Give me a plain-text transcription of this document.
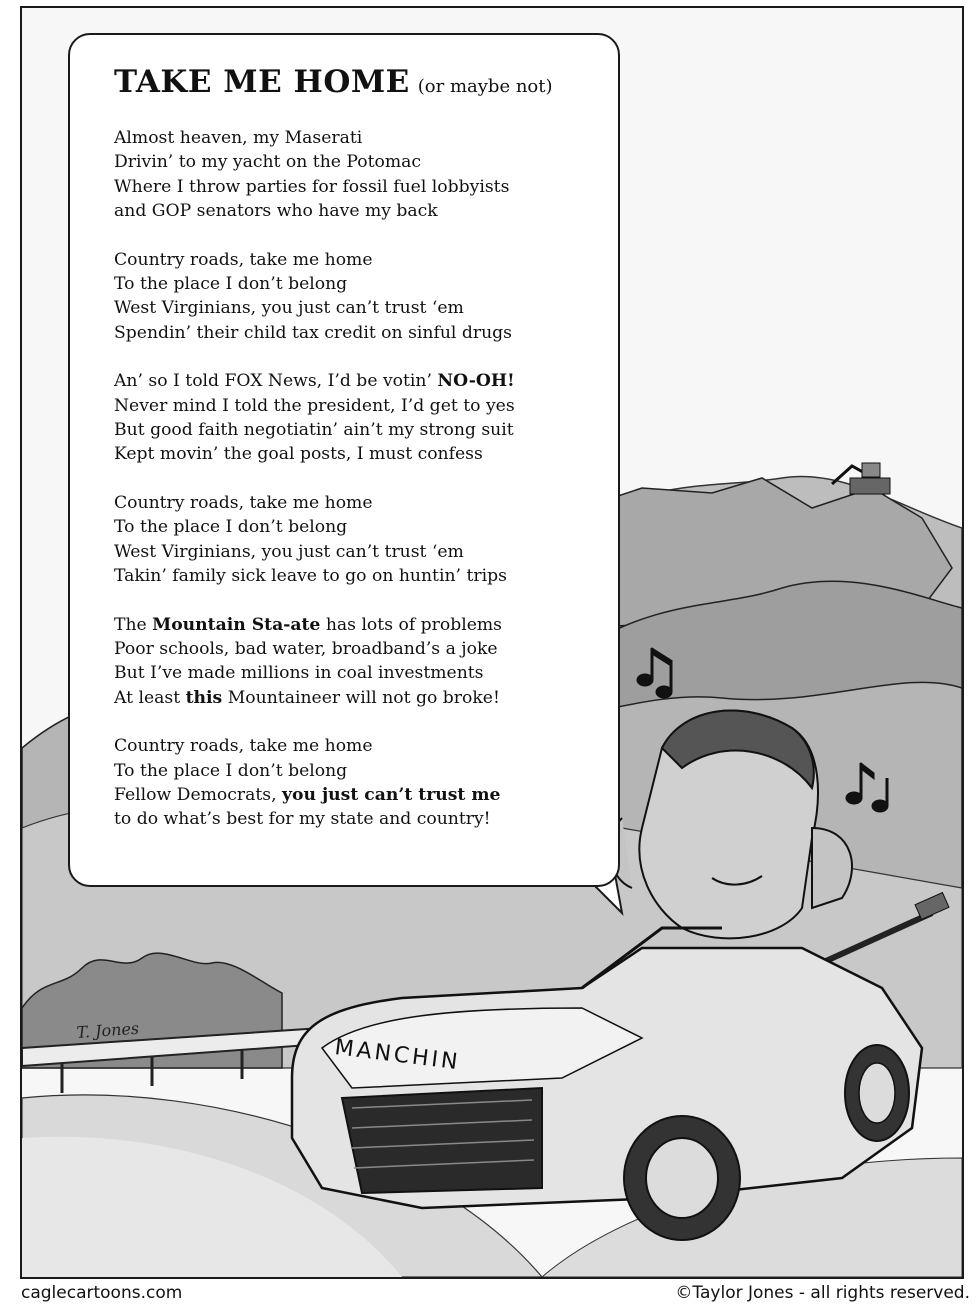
MANCHIN
T. Jones
TAKE ME HOME (or maybe not)
Almost heaven, my Maserati
Drivin’ to my yacht on the Potomac
Where I throw parties for fossil fuel lobbyists
and GOP senators who have my back
Country roads, take me home
To the place I don’t belong
West Virginians, you just can’t trust ‘em
Spendin’ their child tax credit on sinful drugs
An’ so I told FOX News, I’d be votin’ NO-OH!
Never mind I told the president, I’d get to yes
But good faith negotiatin’ ain’t my strong suit
Kept movin’ the goal posts, I must confess
Country roads, take me home
To the place I don’t belong
West Virginians, you just can’t trust ‘em
Takin’ family sick leave to go on huntin’ trips
The Mountain Sta-ate has lots of problems
Poor schools, bad water, broadband’s a joke
But I’ve made millions in coal investments
At least this Mountaineer will not go broke!
Country roads, take me home
To the place I don’t belong
Fellow Democrats, you just can’t trust me
to do what’s best for my state and country!
caglecartoons.com	©Taylor Jones - all rights reserved.
